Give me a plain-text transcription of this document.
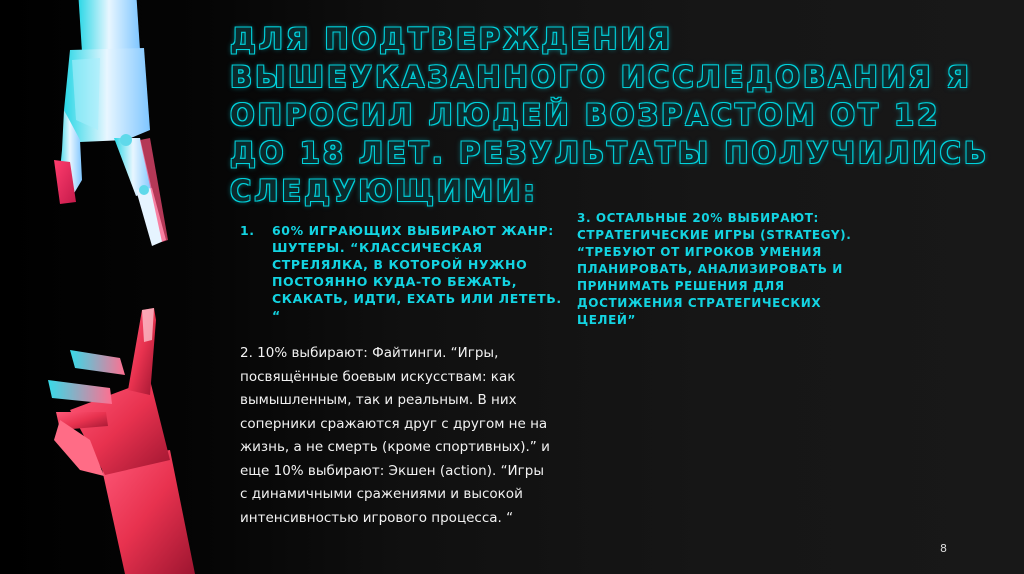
ДЛЯ ПОДТВЕРЖДЕНИЯ ВЫШЕУКАЗАННОГО ИССЛЕДОВАНИЯ Я ОПРОСИЛ ЛЮДЕЙ ВОЗРАСТОМ ОТ 12 ДО 18 ЛЕТ. РЕЗУЛЬТАТЫ ПОЛУЧИЛИСЬ СЛЕДУЮЩИМИ:
1.	60% ИГРАЮЩИХ ВЫБИРАЮТ ЖАНР: ШУТЕРЫ. “КЛАССИЧЕСКАЯ СТРЕЛЯЛКА, В КОТОРОЙ НУЖНО ПОСТОЯННО КУДА-ТО БЕЖАТЬ, СКАКАТЬ, ИДТИ, ЕХАТЬ ИЛИ ЛЕТЕТЬ. “

2. 10% выбирают: Файтинги. “Игры, посвящённые боевым искусствам: как вымышленным, так и реальным. В них соперники сражаются друг с другом не на жизнь, а не смерть (кроме спортивных).” и еще 10% выбирают: Экшен (action). “Игры с динамичными сражениями и высокой интенсивностью игрового процесса. “

3. ОСТАЛЬНЫЕ 20% ВЫБИРАЮТ: СТРАТЕГИЧЕСКИЕ ИГРЫ (STRATEGY). “ТРЕБУЮТ ОТ ИГРОКОВ УМЕНИЯ ПЛАНИРОВАТЬ, АНАЛИЗИРОВАТЬ И ПРИНИМАТЬ РЕШЕНИЯ ДЛЯ ДОСТИЖЕНИЯ СТРАТЕГИЧЕСКИХ ЦЕЛЕЙ”
8
